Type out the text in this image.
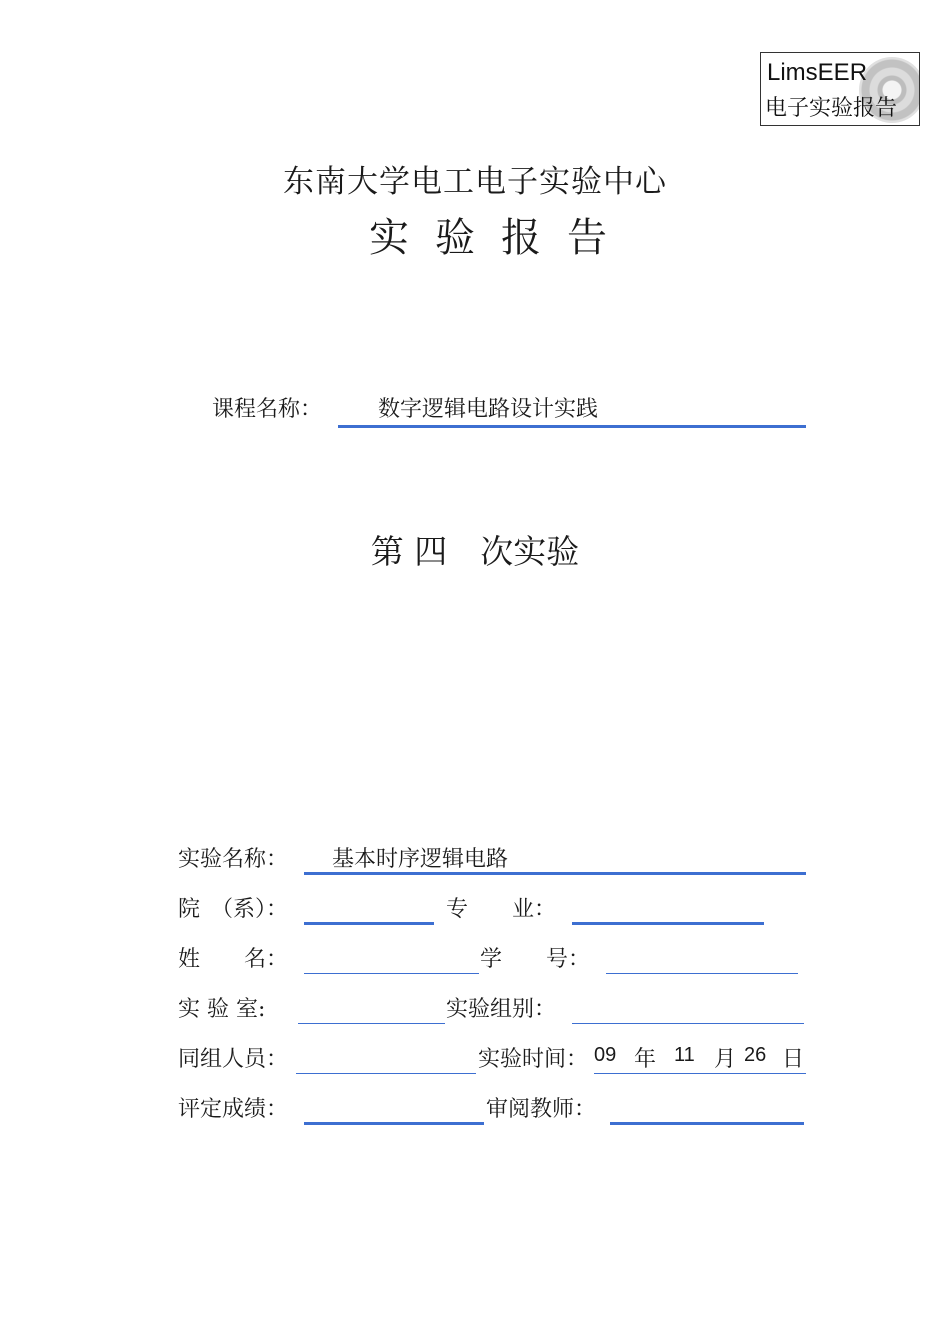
LimsEER
电子实验报告
东南大学电工电子实验中心
实验报告
课程名称：	数字逻辑电路设计实践
第 四　次实验
实验名称：	基本时序逻辑电路
院　（系）：	专　　业：
姓　　名：	学　　号：
实 验 室:	实验组别：
同组人员：	实验时间： 09 年 11 月 26 日
评定成绩：	审阅教师：
